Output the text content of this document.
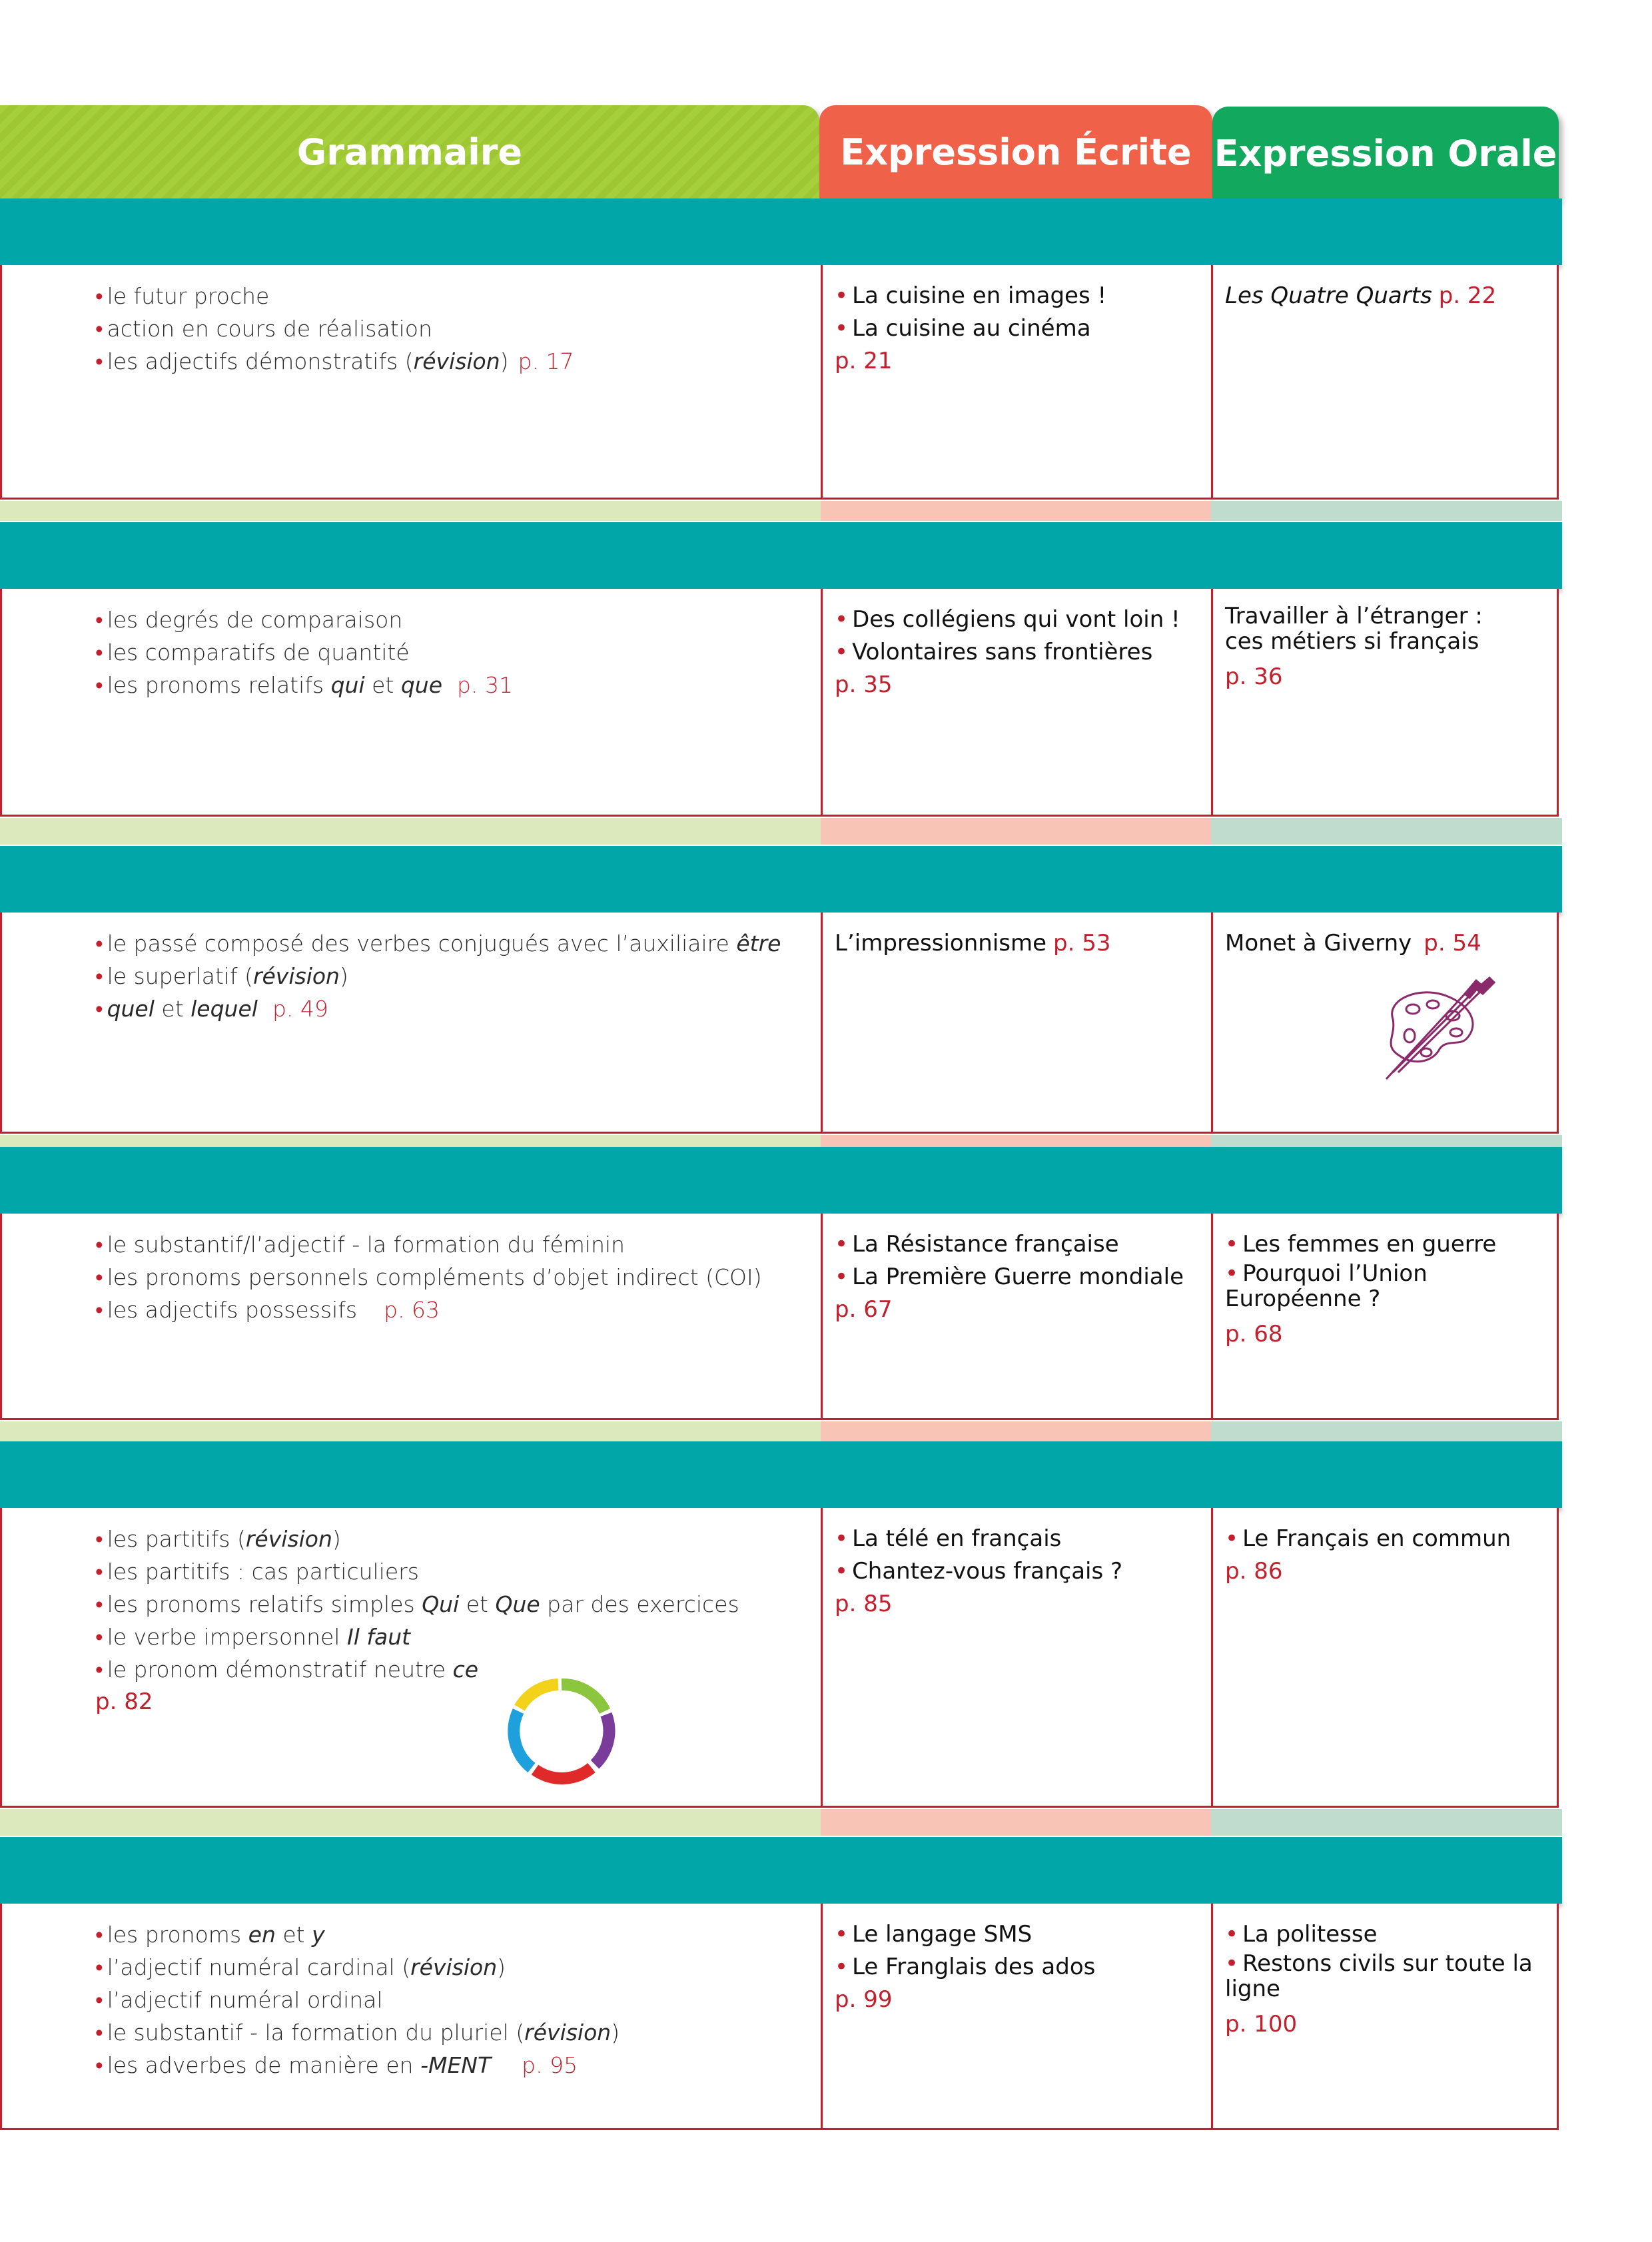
Grammaire	Expression Écrite Expression Orale
• le futur proche
• action en cours de réalisation
• les adjectifs démonstratifs (révision) p. 17
• La cuisine en images !
• La cuisine au cinéma
p. 21
Les Quatre Quarts p. 22
• les degrés de comparaison
• les comparatifs de quantité
• les pronoms relatifs qui et que p. 31
• Des collégiens qui vont loin !
• Volontaires sans frontières
p. 35
Travailler à l’étranger : ces métiers si français
p. 36
• le passé composé des verbes conjugués avec l’auxiliaire être
• le superlatif (révision)
• quel et lequel p. 49
L’impressionnisme p. 53	Monet à Giverny p. 54
• le substantif/l’adjectif - la formation du féminin
• les pronoms personnels compléments d’objet indirect (COI)
• les adjectifs possessifs p. 63
• La Résistance française
• La Première Guerre mondiale
p. 67
• Les femmes en guerre
• Pourquoi l’Union Européenne ?
p. 68
• les partitifs (révision)
• les partitifs : cas particuliers
• les pronoms relatifs simples Qui et Que par des exercices
• le verbe impersonnel Il faut
• le pronom démonstratif neutre ce
p. 82
• La télé en français
• Chantez-vous français ?
p. 85
• Le Français en commun
p. 86
• les pronoms en et y
• l’adjectif numéral cardinal (révision)
• l’adjectif numéral ordinal
• le substantif - la formation du pluriel (révision)
• les adverbes de manière en -MENT p. 95
• Le langage SMS
• Le Franglais des ados
p. 99
• La politesse
• Restons civils sur toute la ligne
p. 100
